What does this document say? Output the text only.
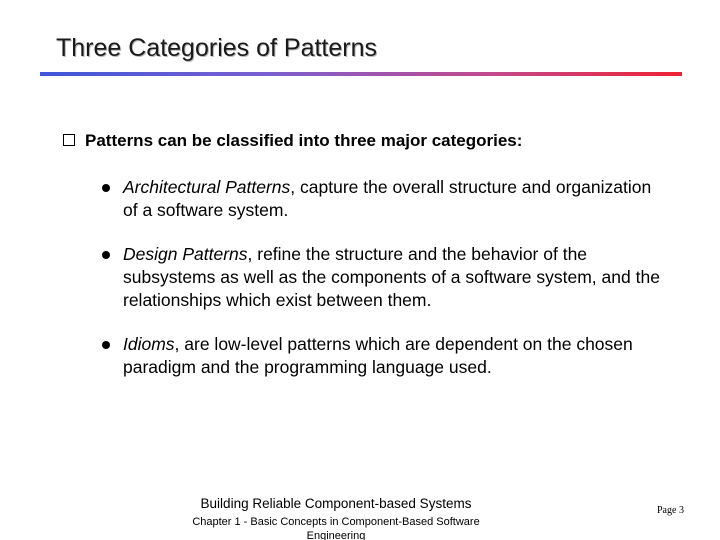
Three Categories of Patterns
Patterns can be classified into three major categories:
Architectural Patterns, capture the overall structure and organization of a software system.
Design Patterns, refine the structure and the behavior of the subsystems as well as the components of a software system, and the relationships which exist between them.
Idioms, are low-level patterns which are dependent on the chosen paradigm and the programming language used.
Building Reliable Component-based Systems
Chapter 1 - Basic Concepts in Component-Based Software Engineering
Page 3
